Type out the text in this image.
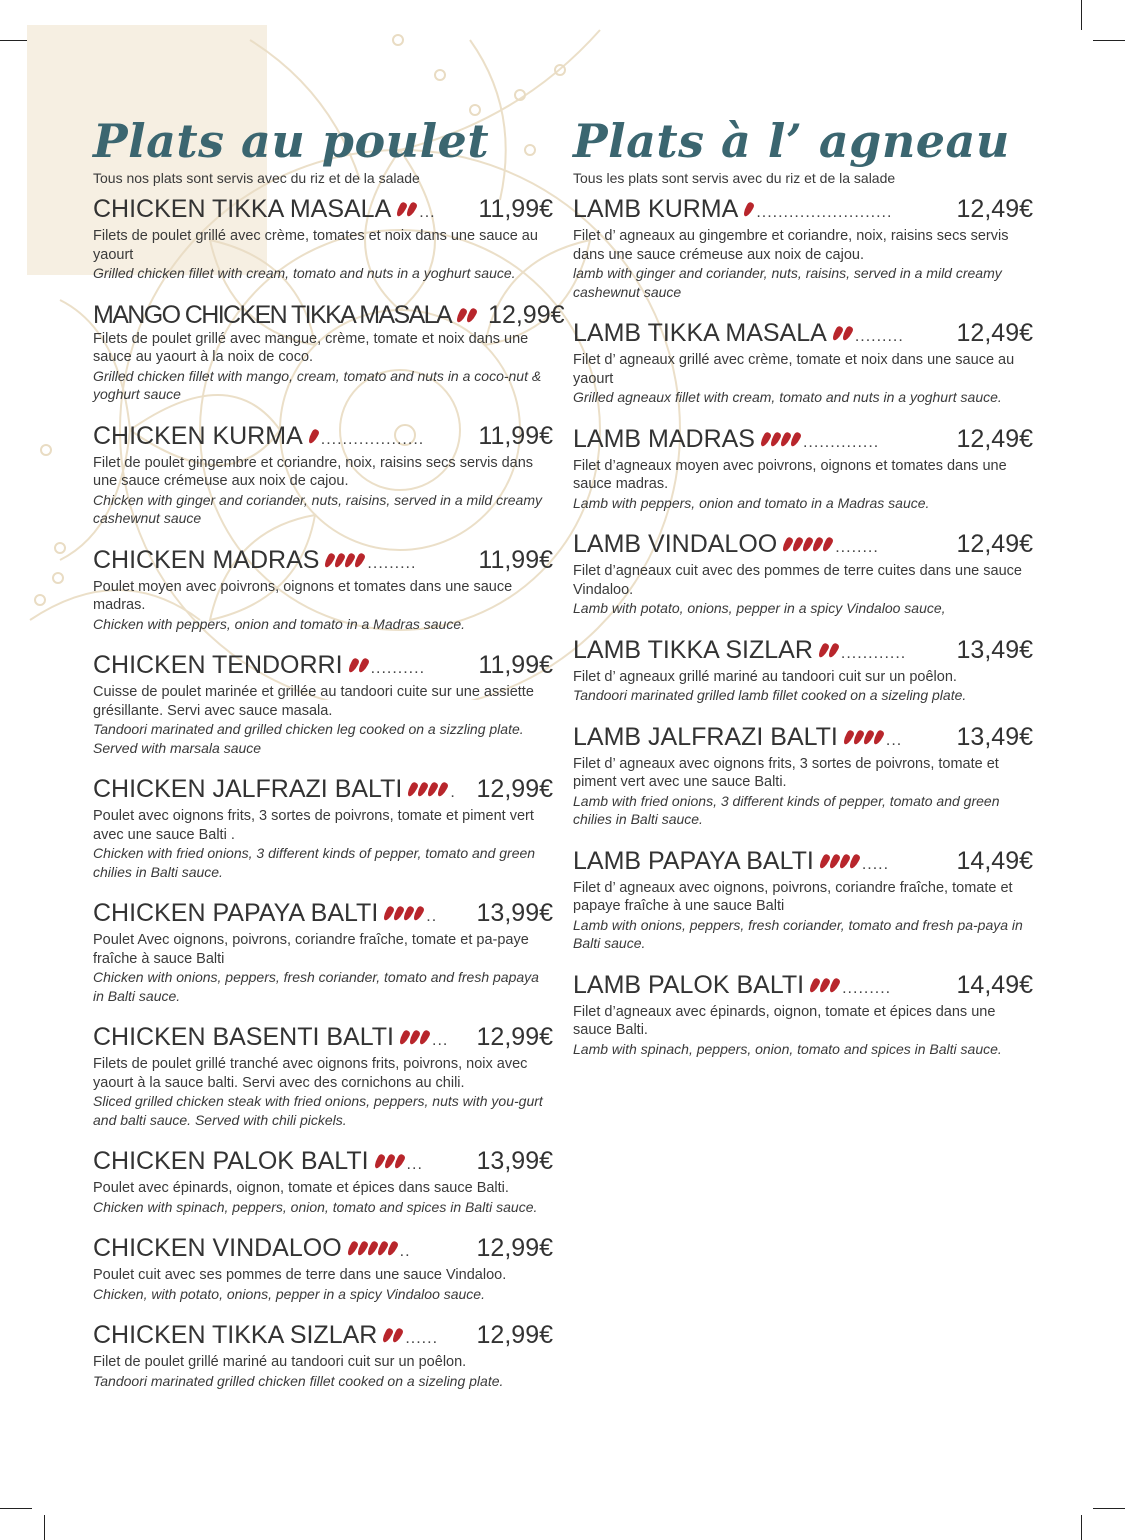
Plats au poulet

Tous nos plats sont servis avec du riz et de la salade

CHICKEN TIKKA MASALA ...	11,99€

Filets de poulet grillé avec crème, tomates et noix dans une sauce au yaourt

Grilled chicken fillet with cream, tomato and nuts in a yoghurt sauce.

MANGO CHICKEN TIKKA MASALA 12,99€

Filets de poulet grillé avec mangue, crème, tomate et noix dans une sauce au yaourt à la noix de coco.

Grilled chicken fillet with mango, cream, tomato and nuts in a coco-nut & yoghurt sauce

CHICKEN KURMA ...................	11,99€

Filet de poulet gingembre et coriandre, noix, raisins secs servis dans une sauce crémeuse aux noix de cajou.

Chicken with ginger and coriander, nuts, raisins, served in a mild creamy cashewnut sauce

CHICKEN MADRAS	.........	11,99€

Poulet moyen avec poivrons, oignons et tomates dans une sauce madras.

Chicken with peppers, onion and tomato in a Madras sauce.

CHICKEN TENDORRI ..........	11,99€

Cuisse de poulet marinée et grillée au tandoori cuite sur une assiette grésillante. Servi avec sauce masala.

Tandoori marinated and grilled chicken leg cooked on a sizzling plate. Served with marsala sauce

CHICKEN JALFRAZI BALTI	. 12,99€

Poulet avec oignons frits, 3 sortes de poivrons, tomate et piment vert avec une sauce Balti .

Chicken with fried onions, 3 different kinds of pepper, tomato and green chilies in Balti sauce.

CHICKEN PAPAYA BALTI	..	13,99€

Poulet Avec oignons, poivrons, coriandre fraîche, tomate et pa-paye fraîche à sauce Balti

Chicken with onions, peppers, fresh coriander, tomato and fresh papaya in Balti sauce.

CHICKEN BASENTI BALTI ...	12,99€

Filets de poulet grillé tranché avec oignons frits, poivrons, noix avec yaourt à la sauce balti. Servi avec des cornichons au chili.

Sliced grilled chicken steak with fried onions, peppers, nuts with you-gurt and balti sauce. Served with chili pickels.

CHICKEN PALOK BALTI ...	13,99€

Poulet avec épinards, oignon, tomate et épices dans sauce Balti.

Chicken with spinach, peppers, onion, tomato and spices in Balti sauce.

CHICKEN VINDALOO	..	12,99€

Poulet cuit avec ses pommes de terre dans une sauce Vindaloo.

Chicken, with potato, onions, pepper in a spicy Vindaloo sauce.

CHICKEN TIKKA SIZLAR ......	12,99€

Filet de poulet grillé mariné au tandoori cuit sur un poêlon.

Tandoori marinated grilled chicken fillet cooked on a sizeling plate.

Plats à l’ agneau

Tous les plats sont servis avec du riz et de la salade

LAMB KURMA .........................	12,49€

Filet d’ agneaux au gingembre et coriandre, noix, raisins secs servis dans une sauce crémeuse aux noix de cajou.

lamb with ginger and coriander, nuts, raisins, served in a mild creamy cashewnut sauce

LAMB TIKKA MASALA .........	12,49€

Filet d’ agneaux grillé avec crème, tomate et noix dans une sauce au yaourt

Grilled agneaux fillet with cream, tomato and nuts in a yoghurt sauce.

LAMB MADRAS	..............	12,49€

Filet d’agneaux moyen avec poivrons, oignons et tomates dans une sauce madras.

Lamb with peppers, onion and tomato in a Madras sauce.

LAMB VINDALOO	........	12,49€

Filet d’agneaux cuit avec des pommes de terre cuites dans une sauce Vindaloo.

Lamb with potato, onions, pepper in a spicy Vindaloo sauce,

LAMB TIKKA SIZLAR ............	13,49€

Filet d’ agneaux grillé mariné au tandoori cuit sur un poêlon.

Tandoori marinated grilled lamb fillet cooked on a sizeling plate.

LAMB JALFRAZI BALTI	...	13,49€

Filet d’ agneaux avec oignons frits, 3 sortes de poivrons, tomate et piment vert avec une sauce Balti.

Lamb with fried onions, 3 different kinds of pepper, tomato and green chilies in Balti sauce.

LAMB PAPAYA BALTI	.....	14,49€

Filet d’ agneaux avec oignons, poivrons, coriandre fraîche, tomate et papaye fraîche à une sauce Balti

Lamb with onions, peppers, fresh coriander, tomato and fresh pa-paya in Balti sauce.

LAMB PALOK BALTI .........	14,49€

Filet d’agneaux avec épinards, oignon, tomate et épices dans une sauce Balti.

Lamb with spinach, peppers, onion, tomato and spices in Balti sauce.
